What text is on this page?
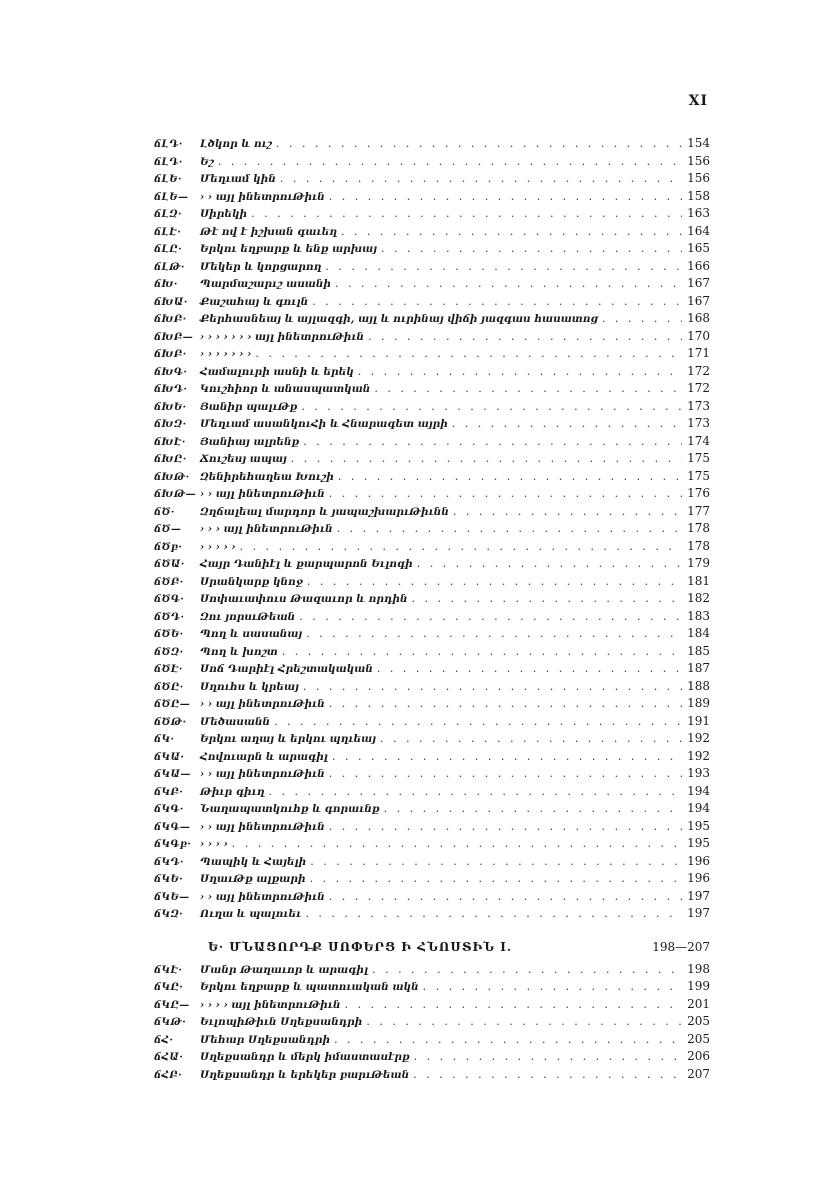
XI
ճԼԴ·	Լծկոր և ուշ . . .	154
ճԼԴ·	Եշ . . .	156
ճԼԵ·	Մեղւամ կին . . .	156
ճԼԵ—	› › այլ ինետրուԹիւն . . .	158
ճԼԶ·	Սիրեկի . . .	163
ճԼԷ·	Թէ ով է իշխան գաւեղ . . .	164
ճԼԸ·	Երկու եղբարք և ենք արխայ . . .	165
ճԼԹ·	Մեկեր և կորցարող . . .	166
ճԽ·	Պարմաշարւշ ասանի . . .	167
ճԽԱ·	Քաշահայ և գուլն . . .	167
ճԽԲ·	Քերհասնեայ և այլազգի, այլ և ուրինայ վիճի յազգաս հասատոց . . .	168
ճԽԲ— › › › › › › › այլ ինետրուԹիւն . . .	170
ճԽԲ·	› › › › › › › . . .	171
ճԽԳ·	Համալուրի ասնի և երեկ . . .	172
ճԽԴ·	Կուշհիոր և անասպատկան . . .	172
ճԽԵ·	Յանիր պալւԹք . . .	173
ճԽԶ·	Մեղւամ ասանկուՀի և Հնարագետ այրի . . .	173
ճԽԷ·	Յանիայ ալրենք . . .	174
ճԽԸ·	Ճուշեսյ ապայ . . .	175
ճԽԹ· Զենիրեհաղեա Խուշի . . .	175
ճԽԹ— › › այլ ինետրուԹիւն . . .	176
ճԾ·	Զղճալեալ մարդոր և յապաշխարւԹիւնն . . .	177
ճԾ—	› › › այլ ինետրուԹիւն . . .	178
ճԾբ·	› › › › › . . .	178
ճԾԱ·	Հայր Դանիէլ և քարպարոն Եւլոգի . . .	179
ճԾԲ·	Սրանկարք կնոջ . . .	181
ճԾԳ·	Սոփաւափուս Թազաւոր և որդին . . .	182
ճԾԴ·	Զու յորսւԹեան . . .	183
ճԾԵ·	Պող և սասանայ . . .	184
ճԾԶ·	Պող և խոշտ . . .	185
ճԾԷ·	Սոճ Դարիէլ Հրեշտակական . . .	187
ճԾԸ·	Սղուհս և կրեայ . . .	188
ճԾԸ— › › այլ ինետրուԹիւն . . .	189
ճԾԹ·	Մեծասանն . . .	191
ճԿ·	Երկու աղայ և երկու պղւեայ . . .	192
ճԿԱ·	Հովուարն և արագիլ . . .	192
ճԿԱ— › › այլ ինետրուԹիւն . . .	193
ճԿԲ·	Թիւր գիւղ . . .	194
ճԿԳ·	Նաղապատկուհք և գորաւնք . . .	194
ճԿԳ— › › այլ ինետրուԹիւն . . .	195
ճԿԳբ· › › › › . . .	195
ճԿԴ·	Պապիկ և Հայելի . . .	196
ճԿԵ·	ՍղաւԹք ալքարի . . .	196
ճԿԵ— › › այլ ինետրուԹիւն . . .	197
ճԿԶ·	Ուղա և պալուեւ . . .	197
Ե· ՄՆԱՑՈՐԴՔ ՍՈՓԵՐՑ Ի ՀՆՈՍՏԻՆ I.	198—207
ճԿԷ·	Մանր Թաղաւոր և արագիլ . . .	198
ճԿԸ·	Երկու եղբարք և պատուական ակն . . .	199
ճԿԸ— › › › › այլ ինետրուԹիւն . . .	201
ճԿԹ·	ԵւլոպիԹիւն Սղեքսանդրի . . .	205
ճՀ·	Մեհար Սղեքսանդրի . . .	205
ճՀԱ·	Սղեքսանդր և մերկ իմաստասէրք . . .	206
ճՀԲ·	Սղեքսանդր և երեկեր բարւԹեան . . .	207
